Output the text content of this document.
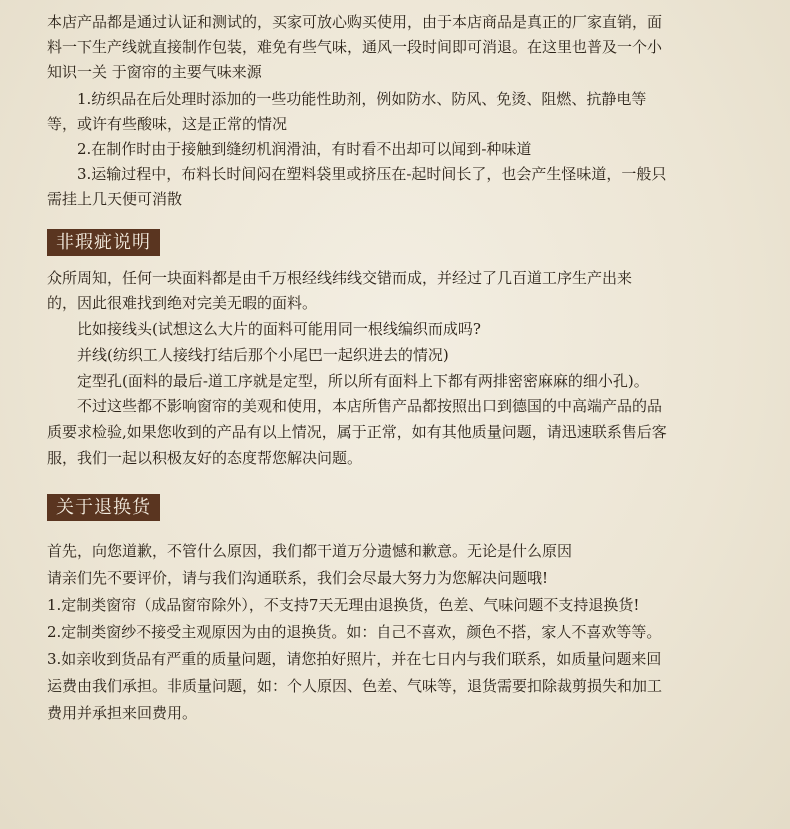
本店产品都是通过认证和测试的，买家可放心购买使用，由于本店商品是真正的厂家直销，面

料一下生产线就直接制作包装，难免有些气味，通风一段时间即可消退。在这里也普及一个小

知识一关 于窗帘的主要气味来源

　　1.纺织品在后处理时添加的一些功能性助剂，例如防水、防风、免烫、阻燃、抗静电等

等，或许有些酸味，这是正常的情况

　　2.在制作时由于接触到缝纫机润滑油，有时看不出却可以闻到-种味道

　　3.运输过程中，布料长时间闷在塑料袋里或挤压在-起时间长了，也会产生怪味道，一般只

需挂上几天便可消散

非瑕疵说明

众所周知，任何一块面料都是由千万根经线纬线交错而成，并经过了几百道工序生产出来

的，因此很难找到绝对完美无暇的面料。

　　比如接线头(试想这么大片的面料可能用同一根线编织而成吗?

　　并线(纺织工人接线打结后那个小尾巴一起织进去的情况)

　　定型孔(面料的最后-道工序就是定型，所以所有面料上下都有两排密密麻麻的细小孔)。

　　不过这些都不影响窗帘的美观和使用，本店所售产品都按照出口到德国的中高端产品的品

质要求检验,如果您收到的产品有以上情况，属于正常，如有其他质量问题，请迅速联系售后客

服，我们一起以积极友好的态度帮您解决问题。

关于退换货

首先，向您道歉，不管什么原因，我们都干道万分遗憾和歉意。无论是什么原因

请亲们先不要评价，请与我们沟通联系，我们会尽最大努力为您解决问题哦!

1.定制类窗帘（成品窗帘除外），不支持7天无理由退换货，色差、气味问题不支持退换货!

2.定制类窗纱不接受主观原因为由的退换货。如：自己不喜欢，颜色不搭，家人不喜欢等等。

3.如亲收到货品有严重的质量问题，请您拍好照片，并在七日内与我们联系，如质量问题来回

运费由我们承担。非质量问题，如：个人原因、色差、气味等，退货需要扣除裁剪损失和加工

费用并承担来回费用。
